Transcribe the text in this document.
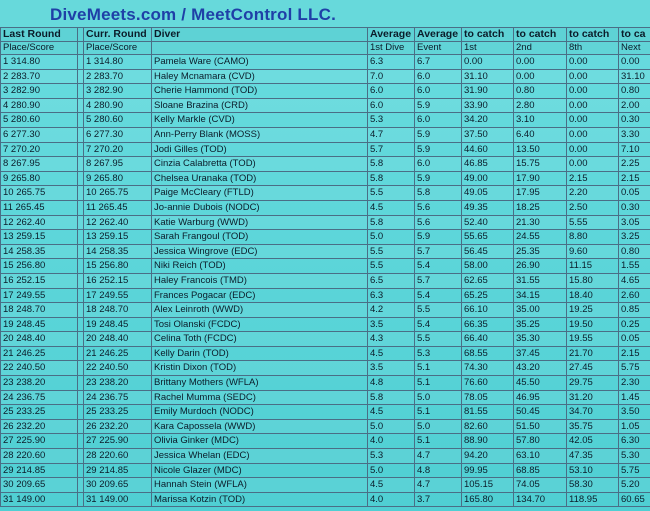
DiveMeets.com / MeetControl LLC.
Last Round		Curr. Round	Diver	Average	Average	to catch	to catch	to catch	to ca
Place/Score		Place/Score		1st Dive	Event	1st	2nd	8th	Next
1 314.80		1 314.80	Pamela Ware (CAMO)	6.3	6.7	0.00	0.00	0.00	0.00
2 283.70		2 283.70	Haley Mcnamara (CVD)	7.0	6.0	31.10	0.00	0.00	31.10
3 282.90		3 282.90	Cherie Hammond (TOD)	6.0	6.0	31.90	0.80	0.00	0.80
4 280.90		4 280.90	Sloane Brazina (CRD)	6.0	5.9	33.90	2.80	0.00	2.00
5 280.60		5 280.60	Kelly Markle (CVD)	5.3	6.0	34.20	3.10	0.00	0.30
6 277.30		6 277.30	Ann-Perry Blank (MOSS)	4.7	5.9	37.50	6.40	0.00	3.30
7 270.20		7 270.20	Jodi Gilles (TOD)	5.7	5.9	44.60	13.50	0.00	7.10
8 267.95		8 267.95	Cinzia Calabretta (TOD)	5.8	6.0	46.85	15.75	0.00	2.25
9 265.80		9 265.80	Chelsea Uranaka (TOD)	5.8	5.9	49.00	17.90	2.15	2.15
10 265.75		10 265.75	Paige McCleary (FTLD)	5.5	5.8	49.05	17.95	2.20	0.05
11 265.45		11 265.45	Jo-annie Dubois (NODC)	4.5	5.6	49.35	18.25	2.50	0.30
12 262.40		12 262.40	Katie Warburg (WWD)	5.8	5.6	52.40	21.30	5.55	3.05
13 259.15		13 259.15	Sarah Frangoul (TOD)	5.0	5.9	55.65	24.55	8.80	3.25
14 258.35		14 258.35	Jessica Wingrove (EDC)	5.5	5.7	56.45	25.35	9.60	0.80
15 256.80		15 256.80	Niki Reich (TOD)	5.5	5.4	58.00	26.90	11.15	1.55
16 252.15		16 252.15	Haley Francois (TMD)	6.5	5.7	62.65	31.55	15.80	4.65
17 249.55		17 249.55	Frances Pogacar (EDC)	6.3	5.4	65.25	34.15	18.40	2.60
18 248.70		18 248.70	Alex Leinroth (WWD)	4.2	5.5	66.10	35.00	19.25	0.85
19 248.45		19 248.45	Tosi Olanski (FCDC)	3.5	5.4	66.35	35.25	19.50	0.25
20 248.40		20 248.40	Celina Toth (FCDC)	4.3	5.5	66.40	35.30	19.55	0.05
21 246.25		21 246.25	Kelly Darin (TOD)	4.5	5.3	68.55	37.45	21.70	2.15
22 240.50		22 240.50	Kristin Dixon (TOD)	3.5	5.1	74.30	43.20	27.45	5.75
23 238.20		23 238.20	Brittany Mothers (WFLA)	4.8	5.1	76.60	45.50	29.75	2.30
24 236.75		24 236.75	Rachel Mumma (SEDC)	5.8	5.0	78.05	46.95	31.20	1.45
25 233.25		25 233.25	Emily Murdoch (NODC)	4.5	5.1	81.55	50.45	34.70	3.50
26 232.20		26 232.20	Kara Capossela (WWD)	5.0	5.0	82.60	51.50	35.75	1.05
27 225.90		27 225.90	Olivia Ginker (MDC)	4.0	5.1	88.90	57.80	42.05	6.30
28 220.60		28 220.60	Jessica Whelan (EDC)	5.3	4.7	94.20	63.10	47.35	5.30
29 214.85		29 214.85	Nicole Glazer (MDC)	5.0	4.8	99.95	68.85	53.10	5.75
30 209.65		30 209.65	Hannah Stein (WFLA)	4.5	4.7	105.15	74.05	58.30	5.20
31 149.00		31 149.00	Marissa Kotzin (TOD)	4.0	3.7	165.80	134.70	118.95	60.65
